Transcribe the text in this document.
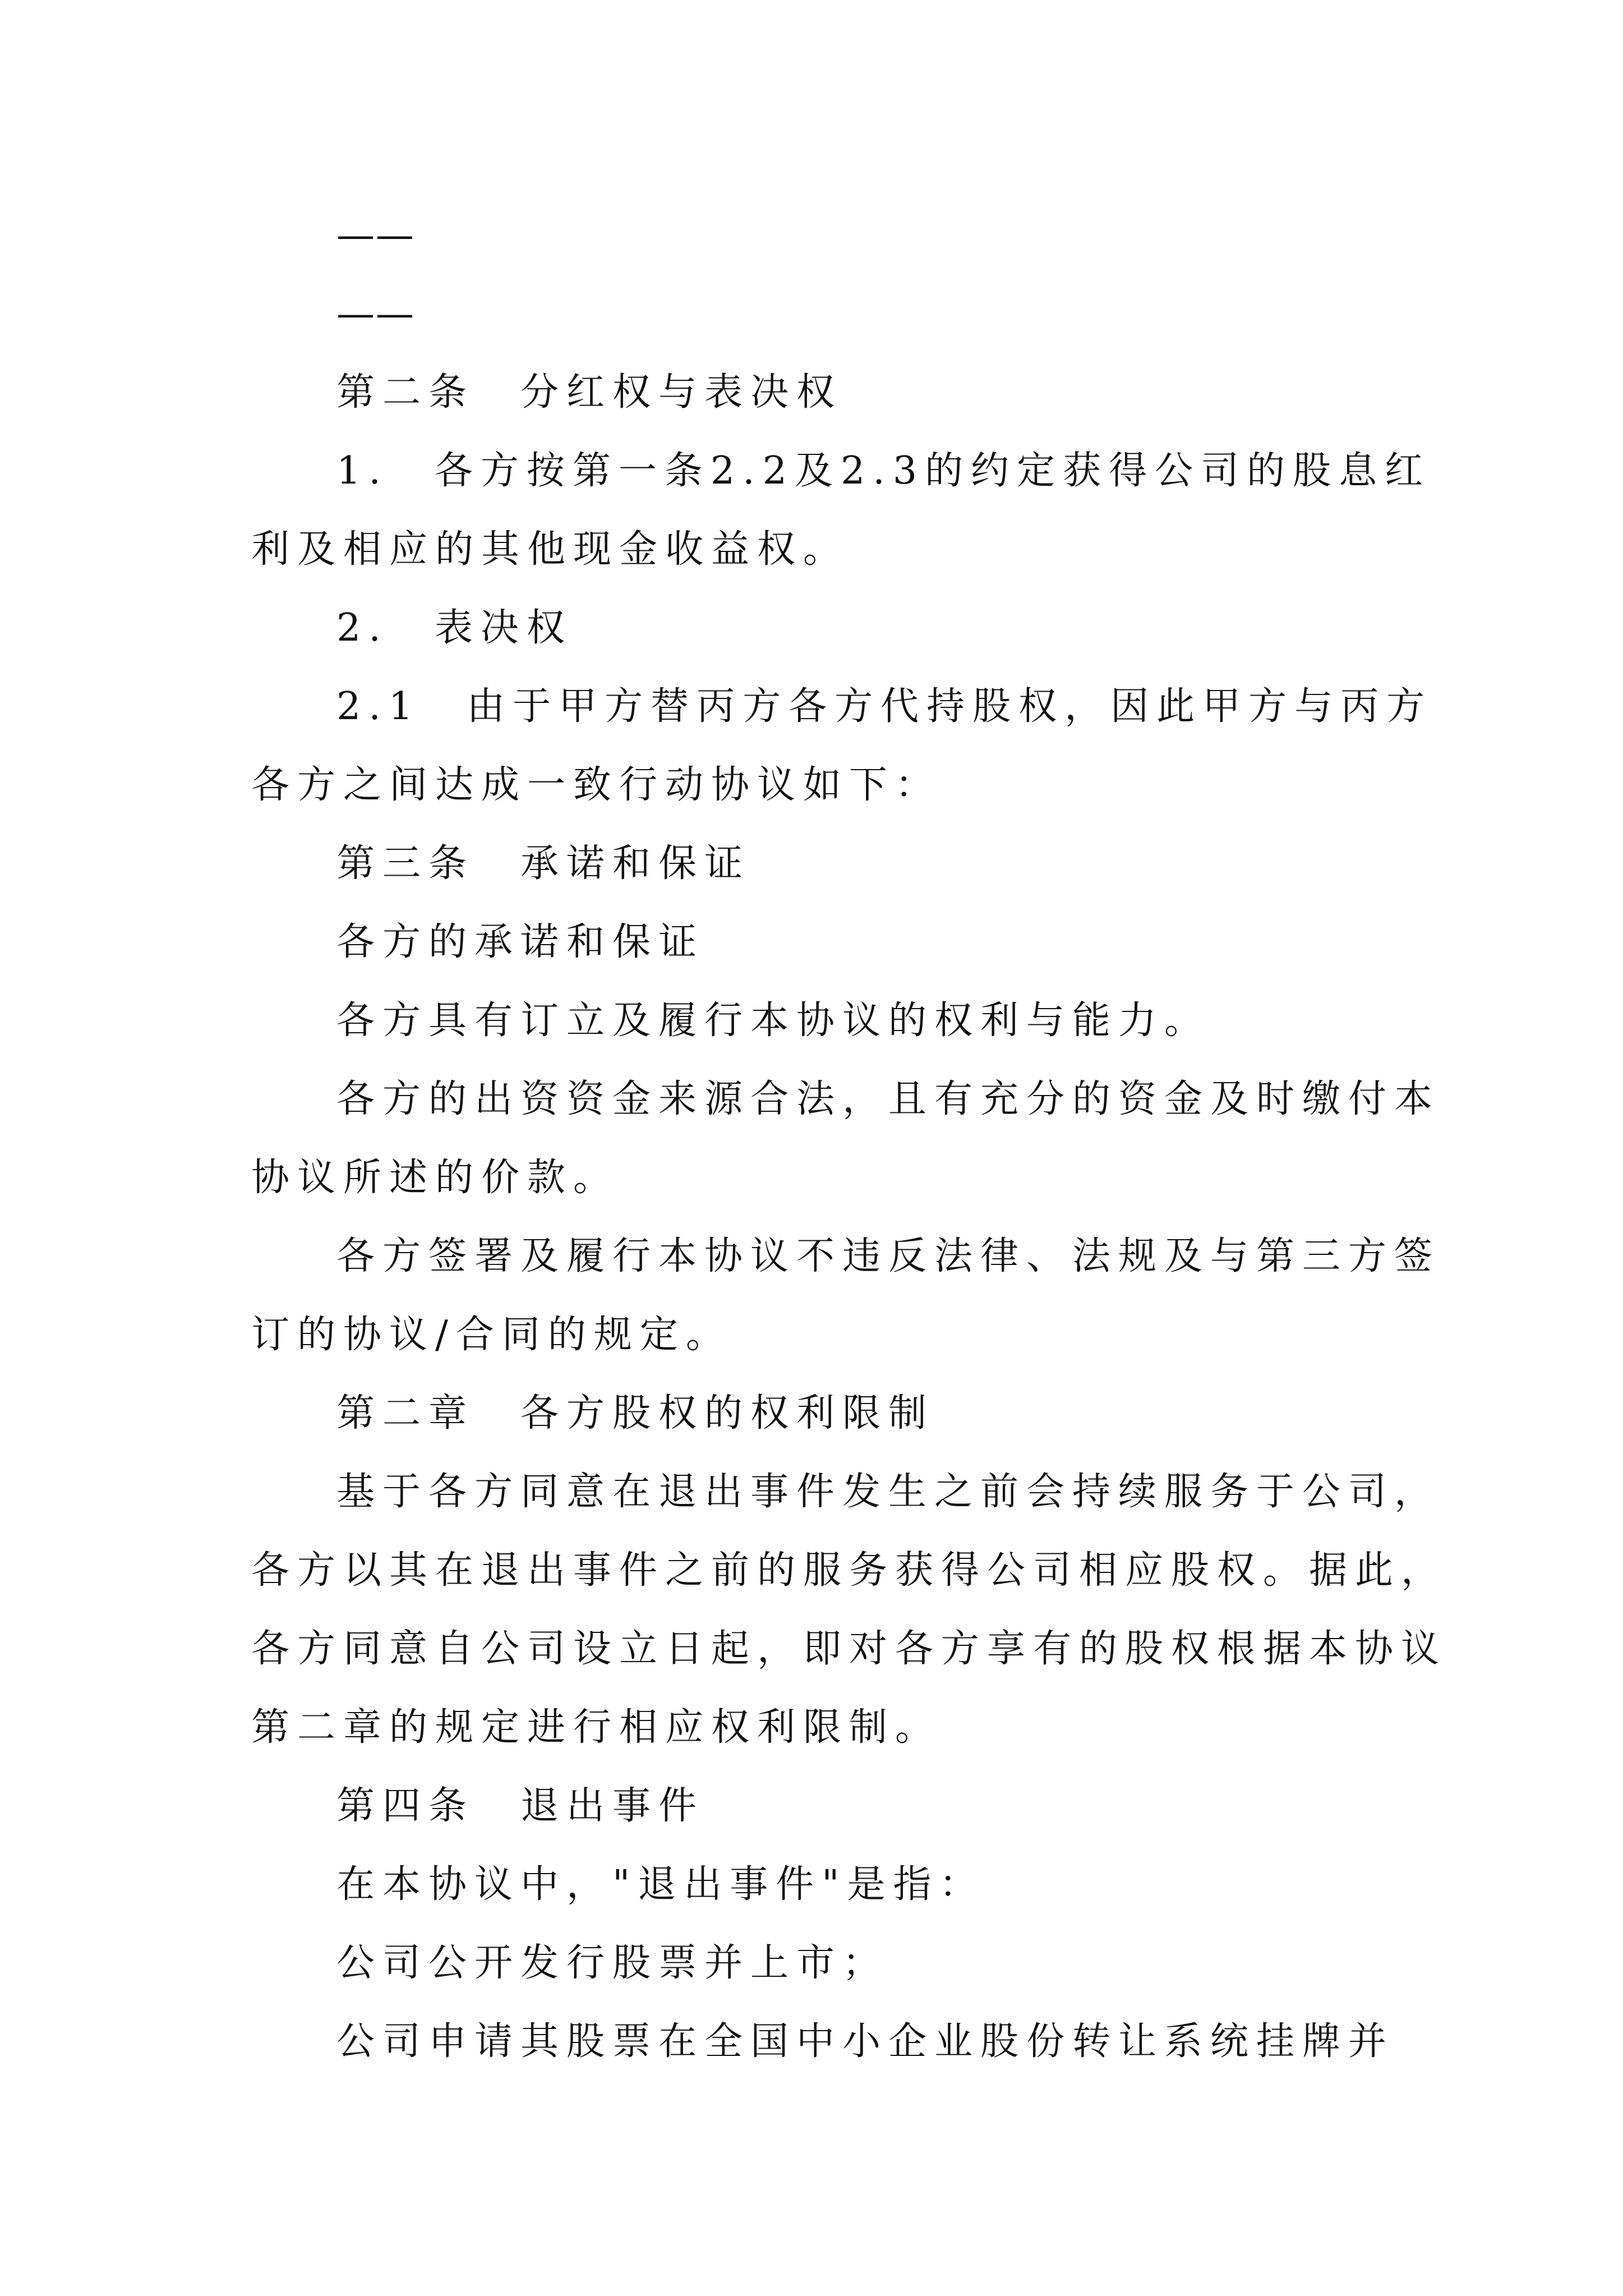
——
——
第二条　分红权与表决权
1.　各方按第一条2.2及2.3的约定获得公司的股息红
利及相应的其他现金收益权。
2.　表决权
2.1　由于甲方替丙方各方代持股权，因此甲方与丙方
各方之间达成一致行动协议如下：
第三条　承诺和保证
各方的承诺和保证
各方具有订立及履行本协议的权利与能力。
各方的出资资金来源合法，且有充分的资金及时缴付本
协议所述的价款。
各方签署及履行本协议不违反法律、法规及与第三方签
订的协议/合同的规定。
第二章　各方股权的权利限制
基于各方同意在退出事件发生之前会持续服务于公司，
各方以其在退出事件之前的服务获得公司相应股权。据此，
各方同意自公司设立日起，即对各方享有的股权根据本协议
第二章的规定进行相应权利限制。
第四条　退出事件
在本协议中，"退出事件"是指：
公司公开发行股票并上市；
公司申请其股票在全国中小企业股份转让系统挂牌并
